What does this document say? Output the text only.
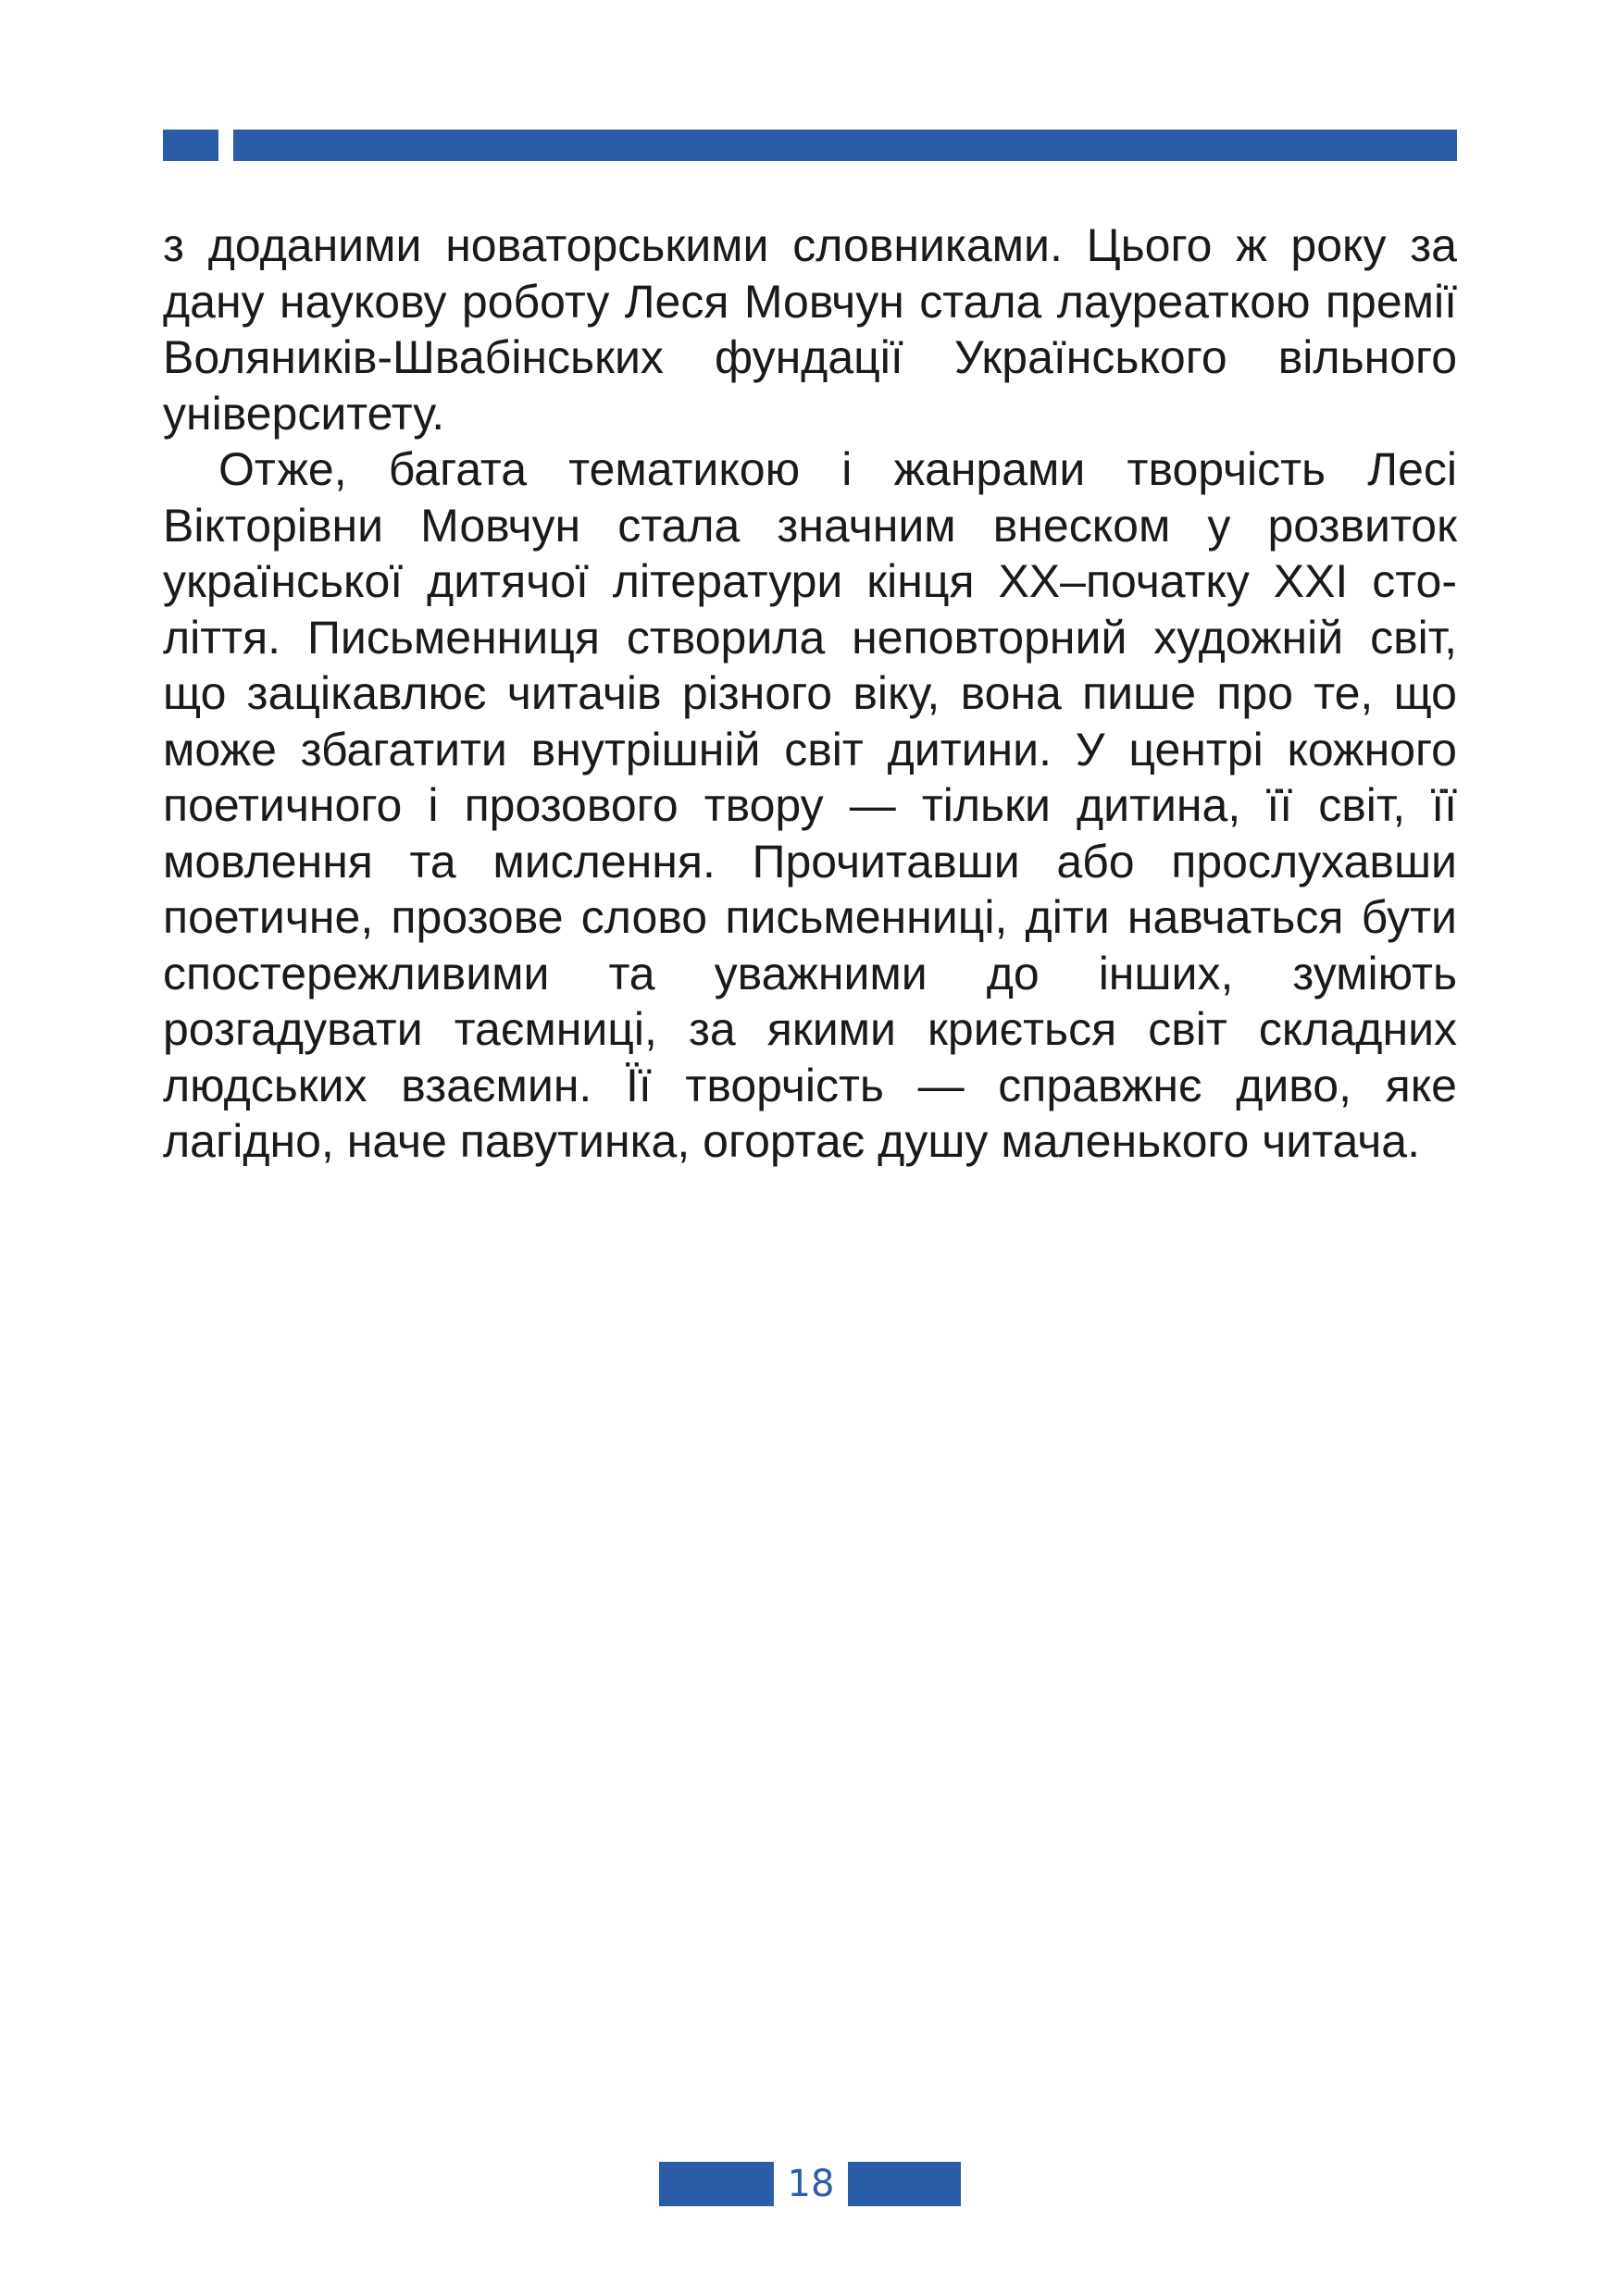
з доданими новаторськими словниками. Цього ж року за дану наукову роботу Леся Мовчун стала лауреаткою премії Воляників-Швабінських фундації Українського вільного університету.

Отже, багата тематикою і жанрами творчість Лесі Вікторівни Мовчун стала значним внеском у розвиток української дитячої літератури кінця ХХ–початку ХХІ століття. Письменниця створила неповторний художній світ, що зацікавлює читачів різного віку, вона пише про те, що може збагатити внутрішній світ дитини. У центрі кожного поетичного і прозового твору — тільки дитина, її світ, її мовлення та мислення. Прочитавши або прослухавши поетичне, прозове слово письменниці, діти навчаться бути спостережливими та уважними до інших, зуміють розгадувати таємниці, за якими криється світ складних людських взаємин. Її творчість — справжнє диво, яке лагідно, наче павутинка, огортає душу маленького читача.

18
